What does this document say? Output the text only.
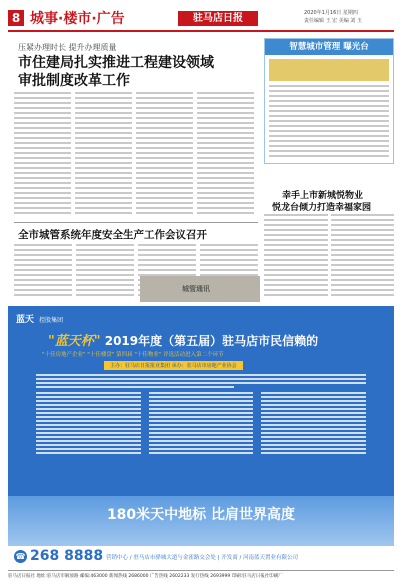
8 城事·楼市·广告	驻马店日报	2020年1月16日 星期四
责任编辑 王 宏 美编 刘 玉
压紧办理时长 提升办理质量
市住建局扎实推进工程建设领域
审批制度改革工作
全市城管系统年度安全生产工作会议召开
智慧城市管理 曝光台
幸手上市新城悦物业
悦龙台倾力打造幸福家园
城管通讯
蓝天 控股集团
"蓝天杯" 2019年度（第五届）驻马店市民信赖的
"十佳房地产企业" "十佳楼盘" 第四届 "十佳物业" 评选活动进入第二个环节
主办：驻马店日报报业集团 承办：驻马店市房地产业协会
180米天中地标 比肩世界高度
☎ 268 8888 营销中心 / 驻马店市驿城大道与金雀路交会处 | 开发商 / 河南蓝天置业有限公司
驻马店日报社 地址:驻马店市解放路 邮编:463000 新闻热线 2686000 广告热线 2602233 发行热线 2693999 印刷:驻马店日报社印刷厂
